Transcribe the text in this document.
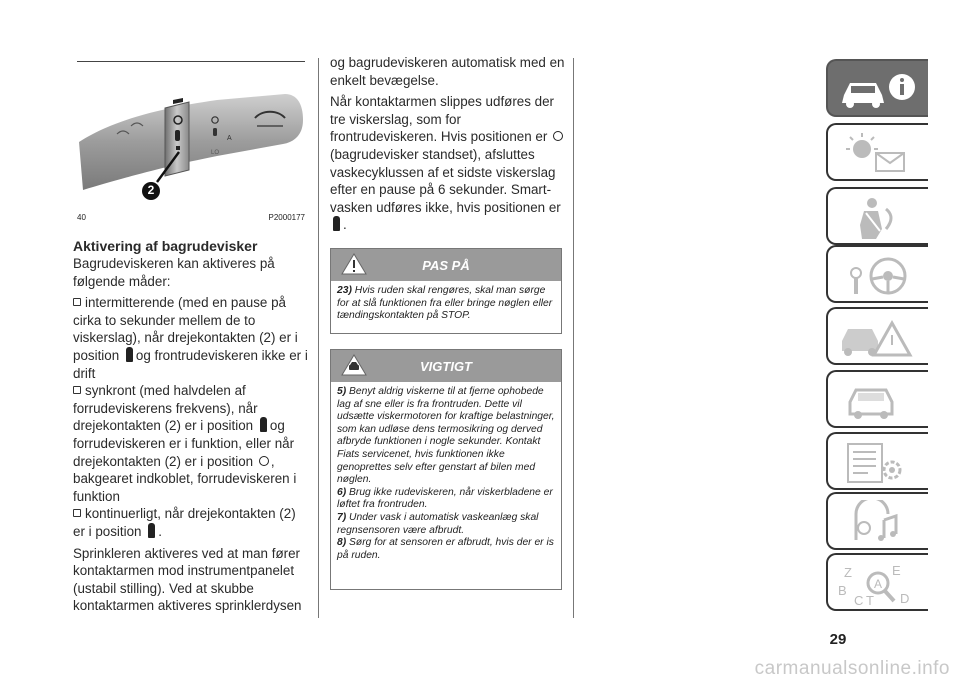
A
LO
2
40	P2000177
Aktivering af bagrudevisker

Bagrudeviskeren kan aktiveres på følgende måder:

intermitterende (med en pause på cirka to sekunder mellem de to viskerslag), når drejekontakten (2) er i position og frontrudeviskeren ikke er i drift

synkront (med halvdelen af forrudeviskerens frekvens), når drejekontakten (2) er i position og forrudeviskeren er i funktion, eller når drejekontakten (2) er i position , bakgearet indkoblet, forrudeviskeren i funktion

kontinuerligt, når drejekontakten (2) er i position .

Sprinkleren aktiveres ved at man fører kontaktarmen mod instrumentpanelet (ustabil stilling). Ved at skubbe kontaktarmen aktiveres sprinklerdysen

og bagrudeviskeren automatisk med en enkelt bevægelse.

Når kontaktarmen slippes udføres der tre viskerslag, som for frontrudeviskeren. Hvis positionen er  (bagrudevisker standset), afsluttes vaskecyklussen af et sidste viskerslag efter en pause på 6 sekunder. Smart-vasken udføres ikke, hvis positionen er .

PAS PÅ
23) Hvis ruden skal rengøres, skal man sørge for at slå funktionen fra eller bringe nøglen eller tændingskontakten på STOP.
VIGTIGT

5) Benyt aldrig viskerne til at fjerne ophobede lag af sne eller is fra frontruden. Dette vil udsætte viskermotoren for kraftige belastninger, som kan udløse dens termosikring og derved afbryde funktionen i nogle sekunder. Kontakt Fiats servicenet, hvis funktionen ikke genoprettes selv efter genstart af bilen med nøglen.

6) Brug ikke rudeviskeren, når viskerbladene er løftet fra frontruden.

7) Under vask i automatisk vaskeanlæg skal regnsensoren være afbrudt.

8) Sørg for at sensoren er afbrudt, hvis der er is på ruden.

Z	E
A
B
C	D
T
29
carmanualsonline.info
